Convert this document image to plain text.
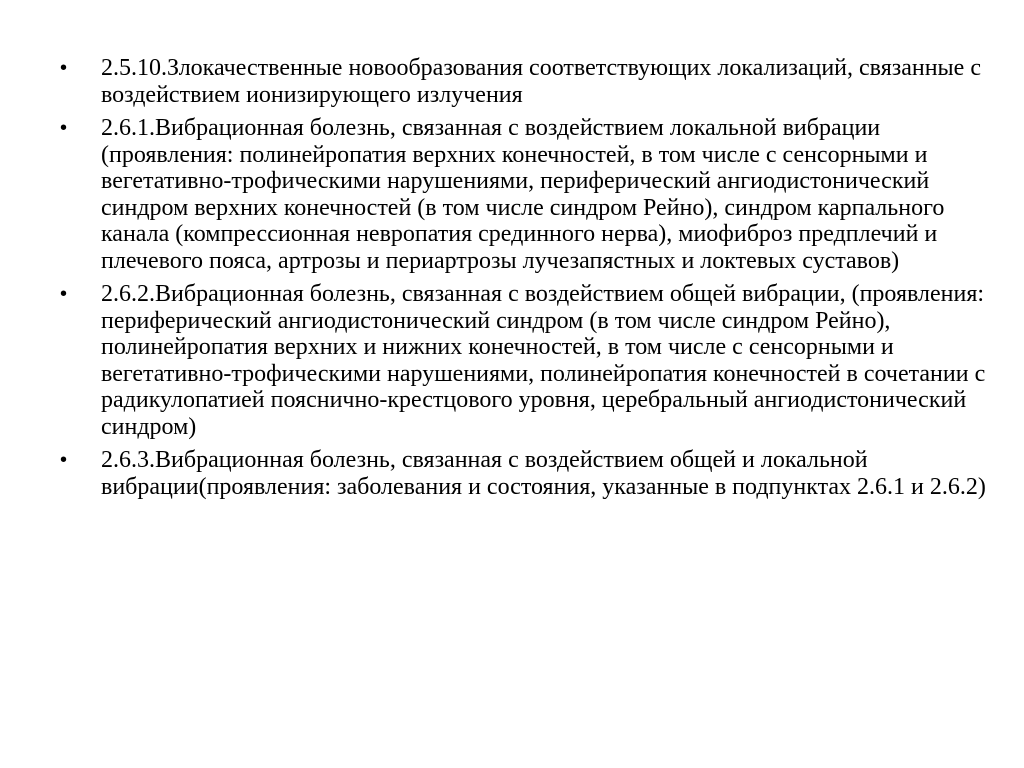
•	2.5.10.Злокачественные новообразования соответствующих локализаций, связанные с воздействием ионизирующего излучения
•	2.6.1.Вибрационная болезнь, связанная с воздействием локальной вибрации (проявления: полинейропатия верхних конечностей, в том числе с сенсорными и вегетативно-трофическими нарушениями, периферический ангиодистонический синдром верхних конечностей (в том числе синдром Рейно), синдром карпального канала (компрессионная невропатия срединного нерва), миофиброз предплечий и плечевого пояса, артрозы и периартрозы лучезапястных и локтевых суставов)
•	2.6.2.Вибрационная болезнь, связанная с воздействием общей вибрации, (проявления: периферический ангиодистонический синдром (в том числе синдром Рейно), полинейропатия верхних и нижних конечностей, в том числе с сенсорными и вегетативно-трофическими нарушениями, полинейропатия конечностей в сочетании с радикулопатией пояснично-крестцового уровня, церебральный ангиодистонический синдром)
•	2.6.3.Вибрационная болезнь, связанная с воздействием общей и локальной вибрации(проявления: заболевания и состояния, указанные в подпунктах 2.6.1 и 2.6.2)
